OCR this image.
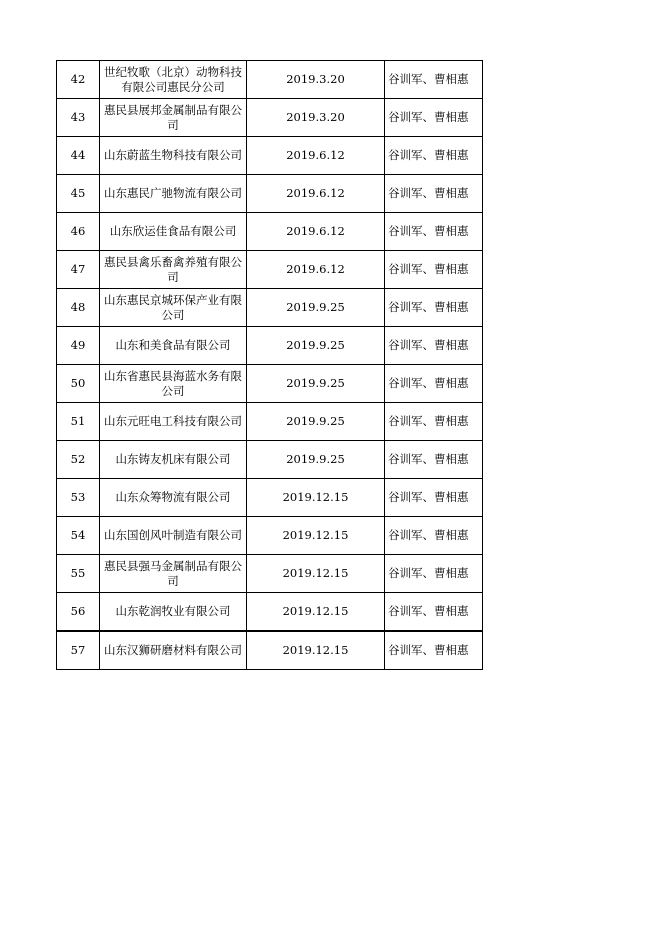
42	世纪牧歌（北京）动物科技有限公司惠民分公司	2019.3.20	谷训军、曹相惠
43	惠民县展邦金属制品有限公司	2019.3.20	谷训军、曹相惠
44	山东蔚蓝生物科技有限公司	2019.6.12	谷训军、曹相惠
45	山东惠民广驰物流有限公司	2019.6.12	谷训军、曹相惠
46	山东欣运佳食品有限公司	2019.6.12	谷训军、曹相惠
47	惠民县禽乐畜禽养殖有限公司	2019.6.12	谷训军、曹相惠
48	山东惠民京城环保产业有限公司	2019.9.25	谷训军、曹相惠
49	山东和美食品有限公司	2019.9.25	谷训军、曹相惠
50	山东省惠民县海蓝水务有限公司	2019.9.25	谷训军、曹相惠
51	山东元旺电工科技有限公司	2019.9.25	谷训军、曹相惠
52	山东铸友机床有限公司	2019.9.25	谷训军、曹相惠
53	山东众筹物流有限公司	2019.12.15	谷训军、曹相惠
54	山东国创风叶制造有限公司	2019.12.15	谷训军、曹相惠
55	惠民县强马金属制品有限公司	2019.12.15	谷训军、曹相惠
56	山东乾润牧业有限公司	2019.12.15	谷训军、曹相惠
57	山东汉狮研磨材料有限公司	2019.12.15	谷训军、曹相惠
